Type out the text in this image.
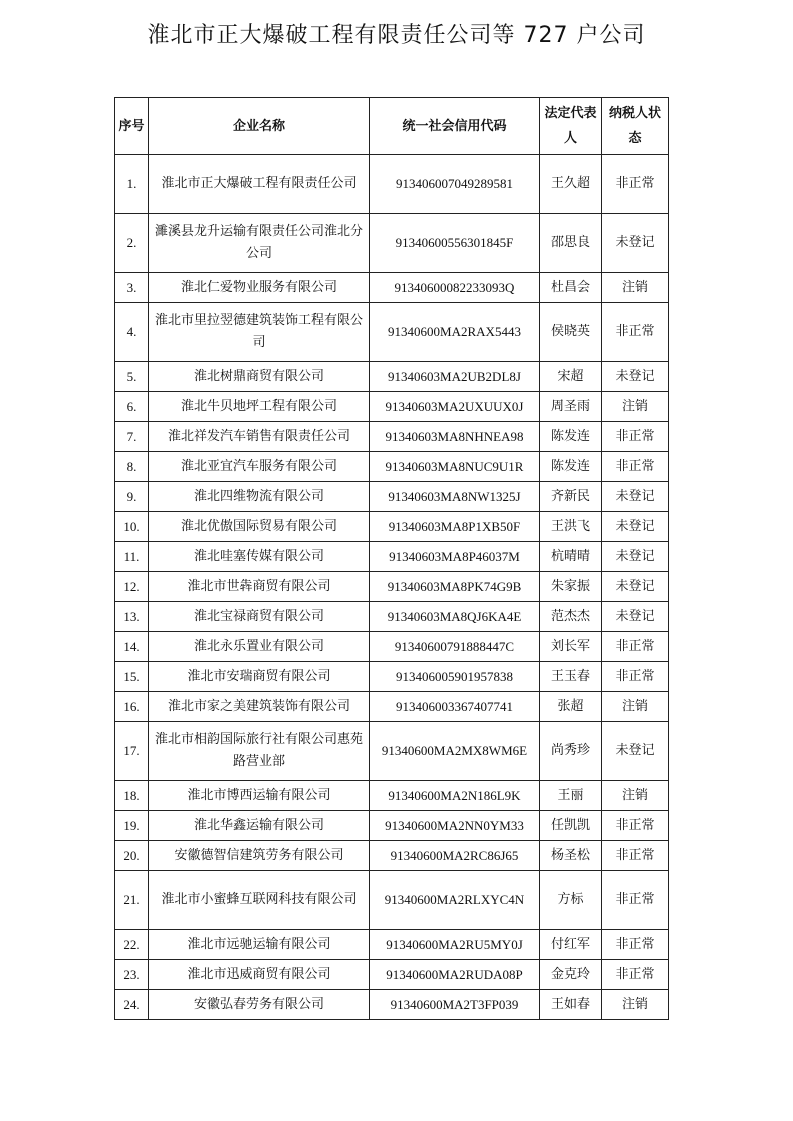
淮北市正大爆破工程有限责任公司等 727 户公司
序号	企业名称	统一社会信用代码	法定代表人	纳税人状态
1.	淮北市正大爆破工程有限责任公司	913406007049289581	王久超	非正常
2.	濉溪县龙升运输有限责任公司淮北分公司	91340600556301845F	邵思良	未登记
3.	淮北仁爱物业服务有限公司	91340600082233093Q	杜昌会	注销
4.	淮北市里拉翌德建筑装饰工程有限公司	91340600MA2RAX5443	侯晓英	非正常
5.	淮北树鼎商贸有限公司	91340603MA2UB2DL8J	宋超	未登记
6.	淮北牛贝地坪工程有限公司	91340603MA2UXUUX0J	周圣雨	注销
7.	淮北祥发汽车销售有限责任公司	91340603MA8NHNEA98	陈发连	非正常
8.	淮北亚宜汽车服务有限公司	91340603MA8NUC9U1R	陈发连	非正常
9.	淮北四维物流有限公司	91340603MA8NW1325J	齐新民	未登记
10.	淮北优傲国际贸易有限公司	91340603MA8P1XB50F	王洪飞	未登记
11.	淮北哇塞传媒有限公司	91340603MA8P46037M	杭晴晴	未登记
12.	淮北市世犇商贸有限公司	91340603MA8PK74G9B	朱家振	未登记
13.	淮北宝禄商贸有限公司	91340603MA8QJ6KA4E	范杰杰	未登记
14.	淮北永乐置业有限公司	91340600791888447C	刘长军	非正常
15.	淮北市安瑞商贸有限公司	913406005901957838	王玉春	非正常
16.	淮北市家之美建筑装饰有限公司	913406003367407741	张超	注销
17.	淮北市相韵国际旅行社有限公司惠苑路营业部	91340600MA2MX8WM6E	尚秀珍	未登记
18.	淮北市博西运输有限公司	91340600MA2N186L9K	王丽	注销
19.	淮北华鑫运输有限公司	91340600MA2NN0YM33	任凯凯	非正常
20.	安徽德智信建筑劳务有限公司	91340600MA2RC86J65	杨圣松	非正常
21.	淮北市小蜜蜂互联网科技有限公司	91340600MA2RLXYC4N	方标	非正常
22.	淮北市远驰运输有限公司	91340600MA2RU5MY0J	付红军	非正常
23.	淮北市迅威商贸有限公司	91340600MA2RUDA08P	金克玲	非正常
24.	安徽弘春劳务有限公司	91340600MA2T3FP039	王如春	注销
